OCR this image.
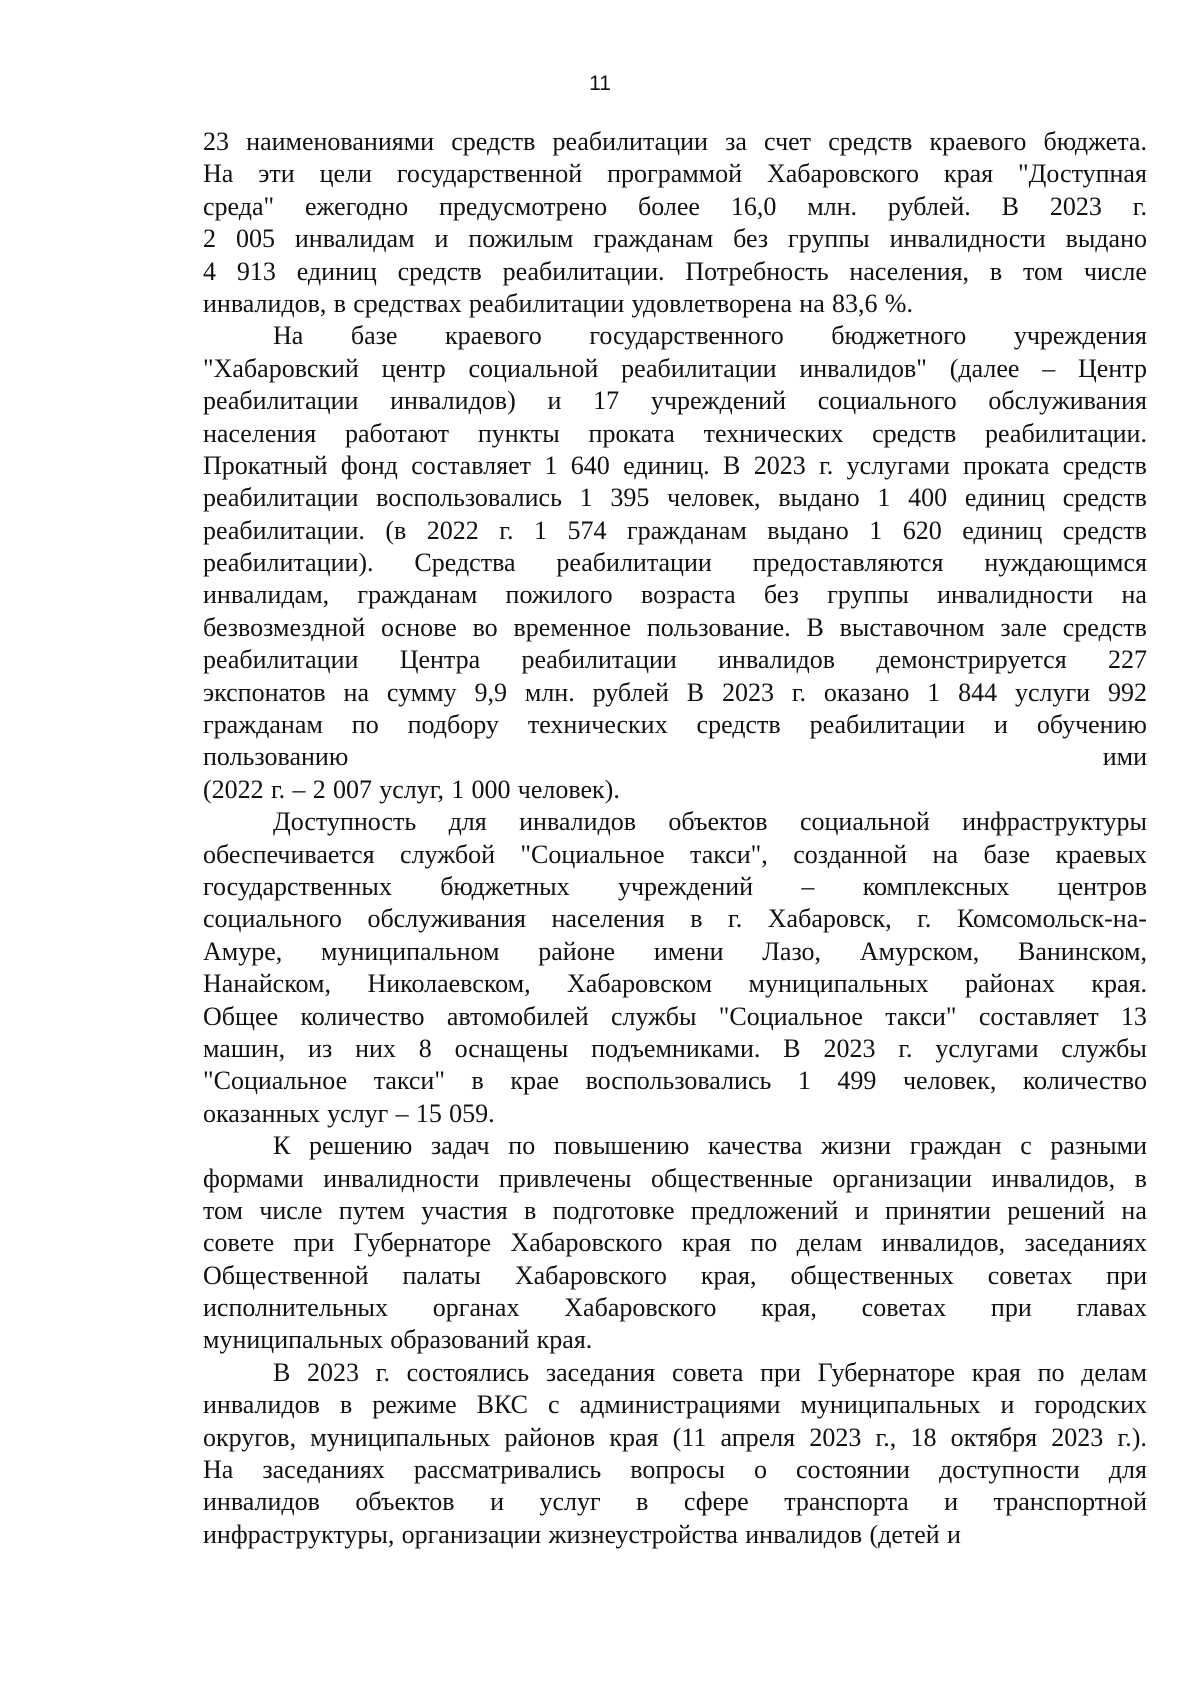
11
23 наименованиями средств реабилитации за счет средств краевого бюджета.
На эти цели государственной программой Хабаровского края "Доступная
среда" ежегодно предусмотрено более 16,0 млн. рублей. В 2023 г.
2 005 инвалидам и пожилым гражданам без группы инвалидности выдано
4 913 единиц средств реабилитации. Потребность населения, в том числе
инвалидов, в средствах реабилитации удовлетворена на 83,6 %.
На базе краевого государственного бюджетного учреждения
"Хабаровский центр социальной реабилитации инвалидов" (далее – Центр
реабилитации инвалидов) и 17 учреждений социального обслуживания
населения работают пункты проката технических средств реабилитации.
Прокатный фонд составляет 1 640 единиц. В 2023 г. услугами проката средств
реабилитации воспользовались 1 395 человек, выдано 1 400 единиц средств
реабилитации. (в 2022 г. 1 574 гражданам выдано 1 620 единиц средств
реабилитации). Средства реабилитации предоставляются нуждающимся
инвалидам, гражданам пожилого возраста без группы инвалидности на
безвозмездной основе во временное пользование. В выставочном зале средств
реабилитации Центра реабилитации инвалидов демонстрируется 227
экспонатов на сумму 9,9 млн. рублей В 2023 г. оказано 1 844 услуги 992
гражданам по подбору технических средств реабилитации и обучению
пользованию	ими
(2022 г. – 2 007 услуг, 1 000 человек).
Доступность для инвалидов объектов социальной инфраструктуры
обеспечивается службой "Социальное такси", созданной на базе краевых
государственных бюджетных учреждений – комплексных центров
социального обслуживания населения в г. Хабаровск, г. Комсомольск-на-
Амуре, муниципальном районе имени Лазо, Амурском, Ванинском,
Нанайском, Николаевском, Хабаровском муниципальных районах края.
Общее количество автомобилей службы "Социальное такси" составляет 13
машин, из них 8 оснащены подъемниками. В 2023 г. услугами службы
"Социальное такси" в крае воспользовались 1 499 человек, количество
оказанных услуг – 15 059.
К решению задач по повышению качества жизни граждан с разными
формами инвалидности привлечены общественные организации инвалидов, в
том числе путем участия в подготовке предложений и принятии решений на
совете при Губернаторе Хабаровского края по делам инвалидов, заседаниях
Общественной палаты Хабаровского края, общественных советах при
исполнительных органах Хабаровского края, советах при главах
муниципальных образований края.
В 2023 г. состоялись заседания совета при Губернаторе края по делам
инвалидов в режиме ВКС с администрациями муниципальных и городских
округов, муниципальных районов края (11 апреля 2023 г., 18 октября 2023 г.).
На заседаниях рассматривались вопросы о состоянии доступности для
инвалидов объектов и услуг в сфере транспорта и транспортной
инфраструктуры, организации жизнеустройства инвалидов (детей и
